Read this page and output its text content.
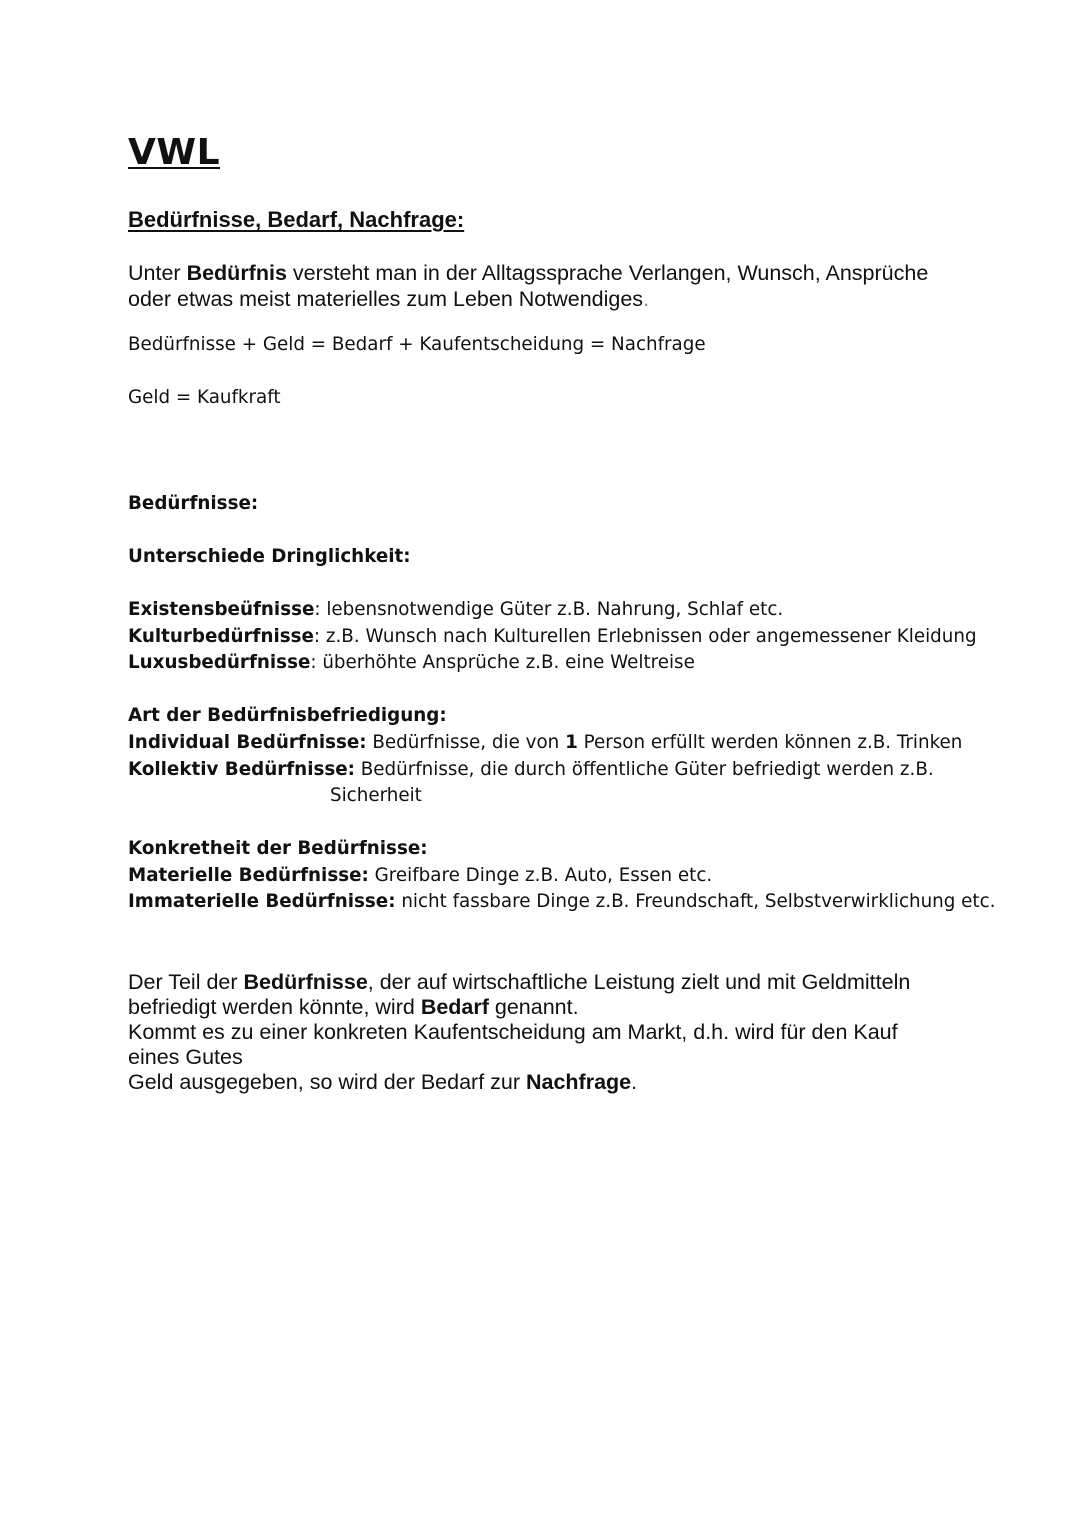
VWL
Bedürfnisse, Bedarf, Nachfrage:
Unter Bedürfnis versteht man in der Alltagssprache Verlangen, Wunsch, Ansprüche
oder etwas meist materielles zum Leben Notwendiges.
Bedürfnisse + Geld = Bedarf + Kaufentscheidung = Nachfrage
Geld = Kaufkraft
Bedürfnisse:
Unterschiede Dringlichkeit:
Existensbeüfnisse: lebensnotwendige Güter z.B. Nahrung, Schlaf etc.
Kulturbedürfnisse: z.B. Wunsch nach Kulturellen Erlebnissen oder angemessener Kleidung
Luxusbedürfnisse: überhöhte Ansprüche z.B. eine Weltreise
Art der Bedürfnisbefriedigung:
Individual Bedürfnisse: Bedürfnisse, die von 1 Person erfüllt werden können z.B. Trinken
Kollektiv Bedürfnisse: Bedürfnisse, die durch öffentliche Güter befriedigt werden z.B.
Sicherheit
Konkretheit der Bedürfnisse:
Materielle Bedürfnisse: Greifbare Dinge z.B. Auto, Essen etc.
Immaterielle Bedürfnisse: nicht fassbare Dinge z.B. Freundschaft, Selbstverwirklichung etc.
Der Teil der Bedürfnisse, der auf wirtschaftliche Leistung zielt und mit Geldmitteln
befriedigt werden könnte, wird Bedarf genannt.
Kommt es zu einer konkreten Kaufentscheidung am Markt, d.h. wird für den Kauf
eines Gutes
Geld ausgegeben, so wird der Bedarf zur Nachfrage.
